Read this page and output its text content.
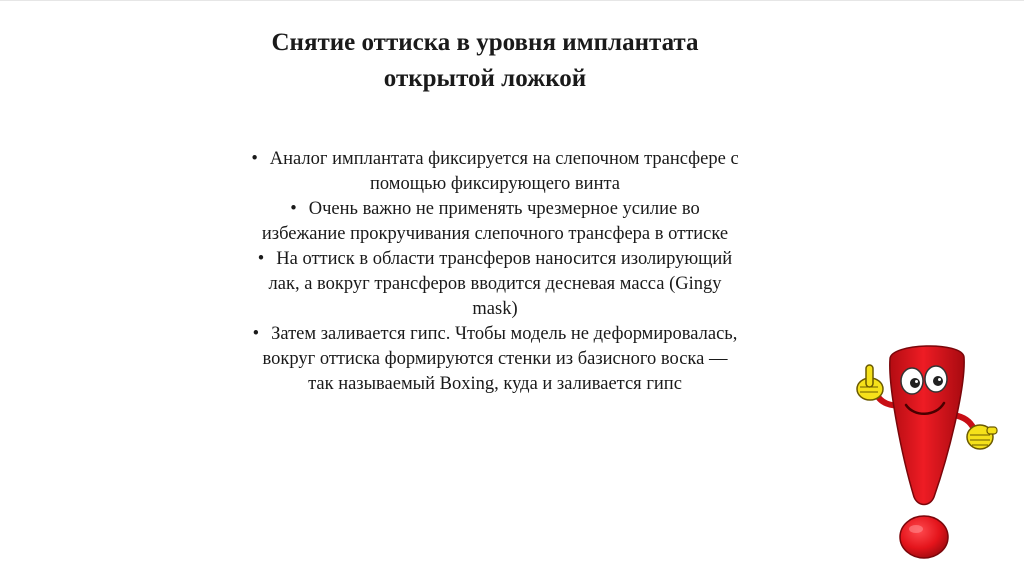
Снятие оттиска в уровня имплантата
открытой ложкой
• Аналог имплантата фиксируется на слепочном трансфере с
помощью фиксирующего винта
• Очень важно не применять чрезмерное усилие во
избежание прокручивания слепочного трансфера в оттиске
• На оттиск в области трансферов наносится изолирующий
лак, а вокруг трансферов вводится десневая масса (Gingy
mask)
• Затем заливается гипс. Чтобы модель не деформировалась,
вокруг оттиска формируются стенки из базисного воска —
так называемый Boxing, куда и заливается гипс
